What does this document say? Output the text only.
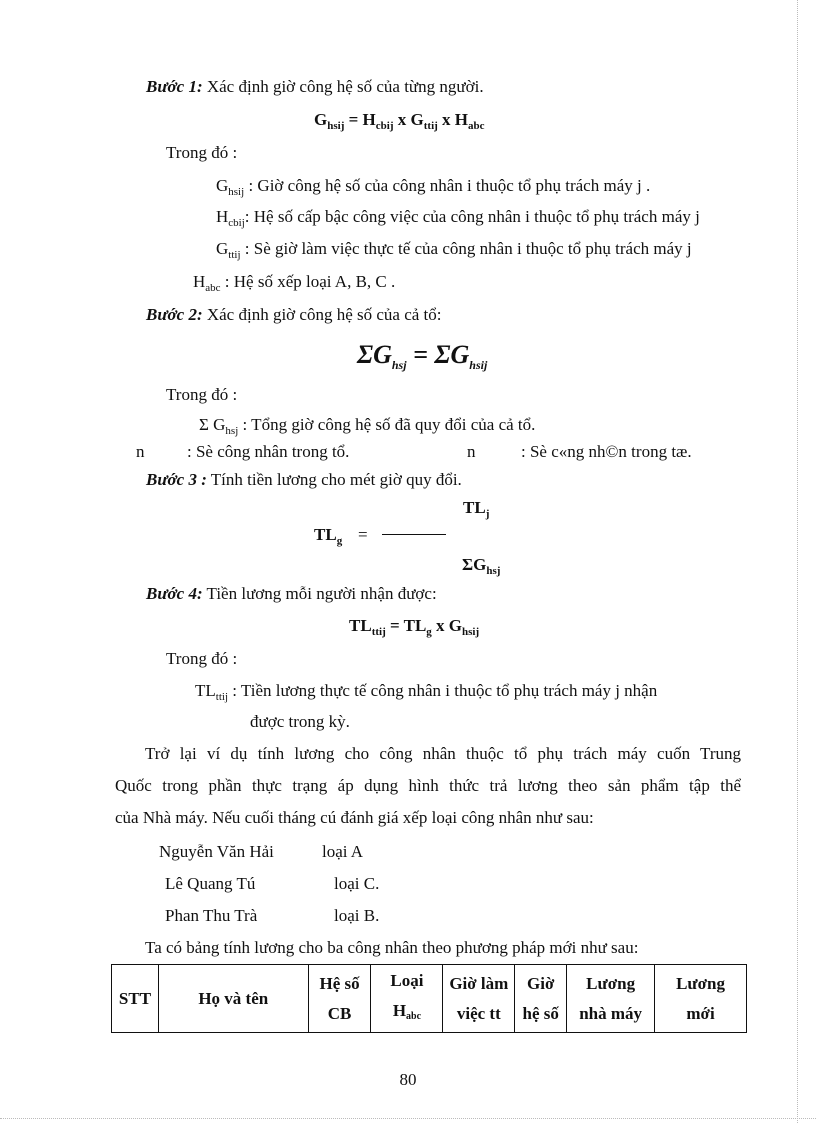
Bước 1: Xác định giờ công hệ số của từng người.
$G_{hsij} = H_{cbij}$ x $G_{ttij}$ x $H_{abc}$
Trong đó :
$G_{hsij}$ : Giờ công hệ số của công nhân i thuộc tổ phụ trách máy j .
$H_{cbij}$: Hệ số cấp bậc công việc của công nhân i thuộc tổ phụ trách máy j
$G_{ttij}$ : Sè giờ làm việc thực tế của công nhân i thuộc tổ phụ trách máy j
$H_{abc}$ : Hệ số xếp loại A, B, C .
Bước 2: Xác định giờ công hệ số của cả tổ:
$\Sigma G_{hsj} = \Sigma G_{hsij}$
Trong đó :
Σ $G_{hsj}$ : Tổng giờ công hệ số đã quy đổi của cả tổ.
n	: Sè công nhân trong tổ.	n	: Sè c«ng nh©n trong tæ.
Bước 3 : Tính tiền lương cho mét giờ quy đổi.
$TL_j$
$TL_g$ =
$\Sigma G_{hsj}$
Bước 4: Tiền lương mỗi người nhận được:
$TL_{ttij} = TL_g$ x $G_{hsij}$
Trong đó :
$TL_{ttij}$ : Tiền lương thực tế công nhân i thuộc tổ phụ trách máy j nhận
được trong kỳ.
Trở lại ví dụ tính lương cho công nhân thuộc tổ phụ trách máy cuốn Trung
Quốc trong phần thực trạng áp dụng hình thức trả lương theo sản phẩm tập thể
của Nhà máy. Nếu cuối tháng cú đánh giá xếp loại công nhân như sau:
Nguyễn Văn Hải	loại A
Lê Quang Tú	loại C.
Phan Thu Trà	loại B.
Ta có bảng tính lương cho ba công nhân theo phương pháp mới như sau:
STT	Họ và tên	
Hệ số
CB

Loại
$H_{abc}$

Giờ làm
việc tt

Giờ
hệ số

Lương
nhà máy

Lương
mới
80
